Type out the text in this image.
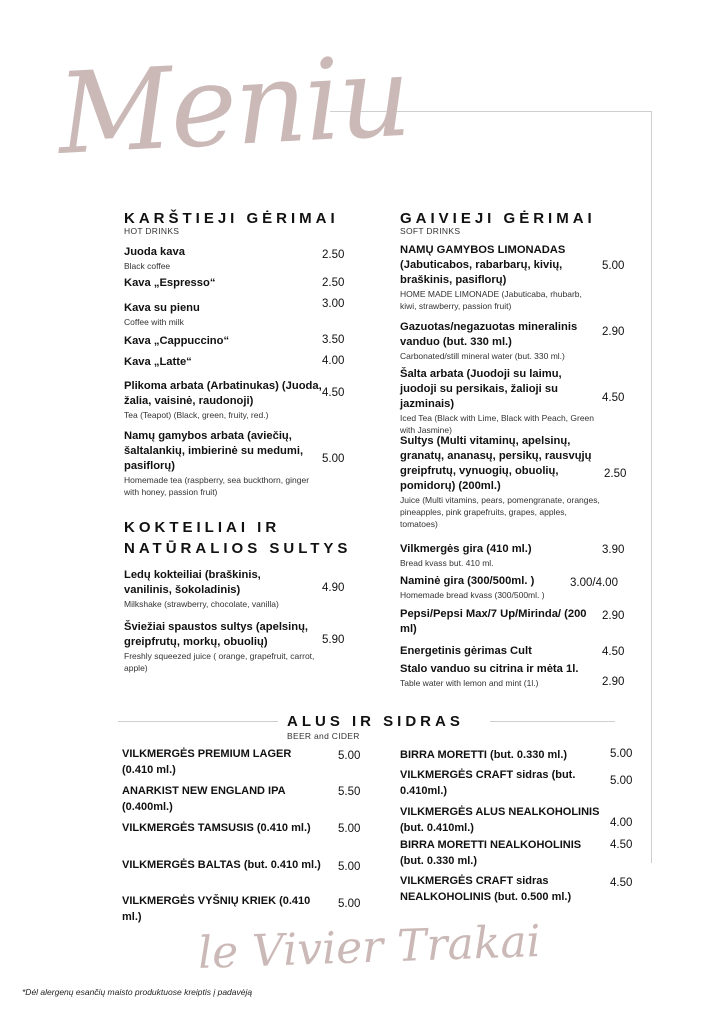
Meniu
KARŠTIEJI GĖRIMAI
HOT DRINKS
Juoda kava
Black coffee
2.50
Kava „Espresso“	2.50
Kava su pienu
Coffee with milk
3.00
Kava „Cappuccino“	3.50
Kava „Latte“	4.00
Plikoma arbata (Arbatinukas) (Juoda, žalia, vaisinė, raudonoji)
Tea (Teapot) (Black, green, fruity, red.)
4.50
Namų gamybos arbata (aviečių, šaltalankių, imbierinė su medumi, pasiflorų)
Homemade tea (raspberry, sea buckthorn, ginger with honey, passion fruit)
5.00
KOKTEILIAI IR
NATŪRALIOS SULTYS
Ledų kokteiliai (braškinis, vanilinis, šokoladinis)
Milkshake (strawberry, chocolate, vanilla)
4.90
Šviežiai spaustos sultys (apelsinų, greipfrutų, morkų, obuolių)
Freshly squeezed juice ( orange, grapefruit, carrot, apple)
5.90
GAIVIEJI GĖRIMAI
SOFT DRINKS
NAMŲ GAMYBOS LIMONADAS (Jabuticabos, rabarbarų, kivių, braškinis, pasiflorų)
HOME MADE LIMONADE (Jabuticaba, rhubarb, kiwi, strawberry, passion fruit)
5.00
Gazuotas/negazuotas mineralinis vanduo (but. 330 ml.)
Carbonated/still mineral water (but. 330 ml.)
2.90
Šalta arbata (Juodoji su laimu, juodoji su persikais, žalioji su jazminais)
Iced Tea (Black with Lime, Black with Peach, Green with Jasmine)
4.50
Sultys (Multi vitaminų, apelsinų, granatų, ananasų, persikų, rausvųjų greipfrutų, vynuogių, obuolių, pomidorų) (200ml.)
Juice (Multi vitamins, pears, pomengranate, oranges, pineapples, pink grapefruits, grapes, apples, tomatoes)
2.50
Vilkmergės gira (410 ml.)
Bread kvass but. 410 ml.
3.90
Naminė gira (300/500ml. )
Homemade bread kvass (300/500ml. )
3.00/4.00
Pepsi/Pepsi Max/7 Up/Mirinda/ (200 ml)
2.90
Energetinis gėrimas Cult	4.50
Stalo vanduo su citrina ir mėta 1l.
Table water with lemon and mint (1l.)	2.90
ALUS IR SIDRAS
BEER and CIDER
VILKMERGĖS PREMIUM LAGER (0.410 ml.)
5.00
ANARKIST NEW ENGLAND IPA (0.400ml.)
5.50
VILKMERGĖS TAMSUSIS (0.410 ml.)	5.00
VILKMERGĖS BALTAS (but. 0.410 ml.) 5.00
VILKMERGĖS VYŠNIŲ KRIEK (0.410 ml.)
5.00
BIRRA MORETTI (but. 0.330 ml.)	5.00
VILKMERGĖS CRAFT sidras (but. 0.410ml.)
5.00
VILKMERGĖS ALUS NEALKOHOLINIS (but. 0.410ml.)	4.00
BIRRA MORETTI NEALKOHOLINIS (but. 0.330 ml.)
4.50
VILKMERGĖS CRAFT sidras NEALKOHOLINIS (but. 0.500 ml.)
4.50
le Vivier Trakai
*Dėl alergenų esančių maisto produktuose kreiptis į padavėją
